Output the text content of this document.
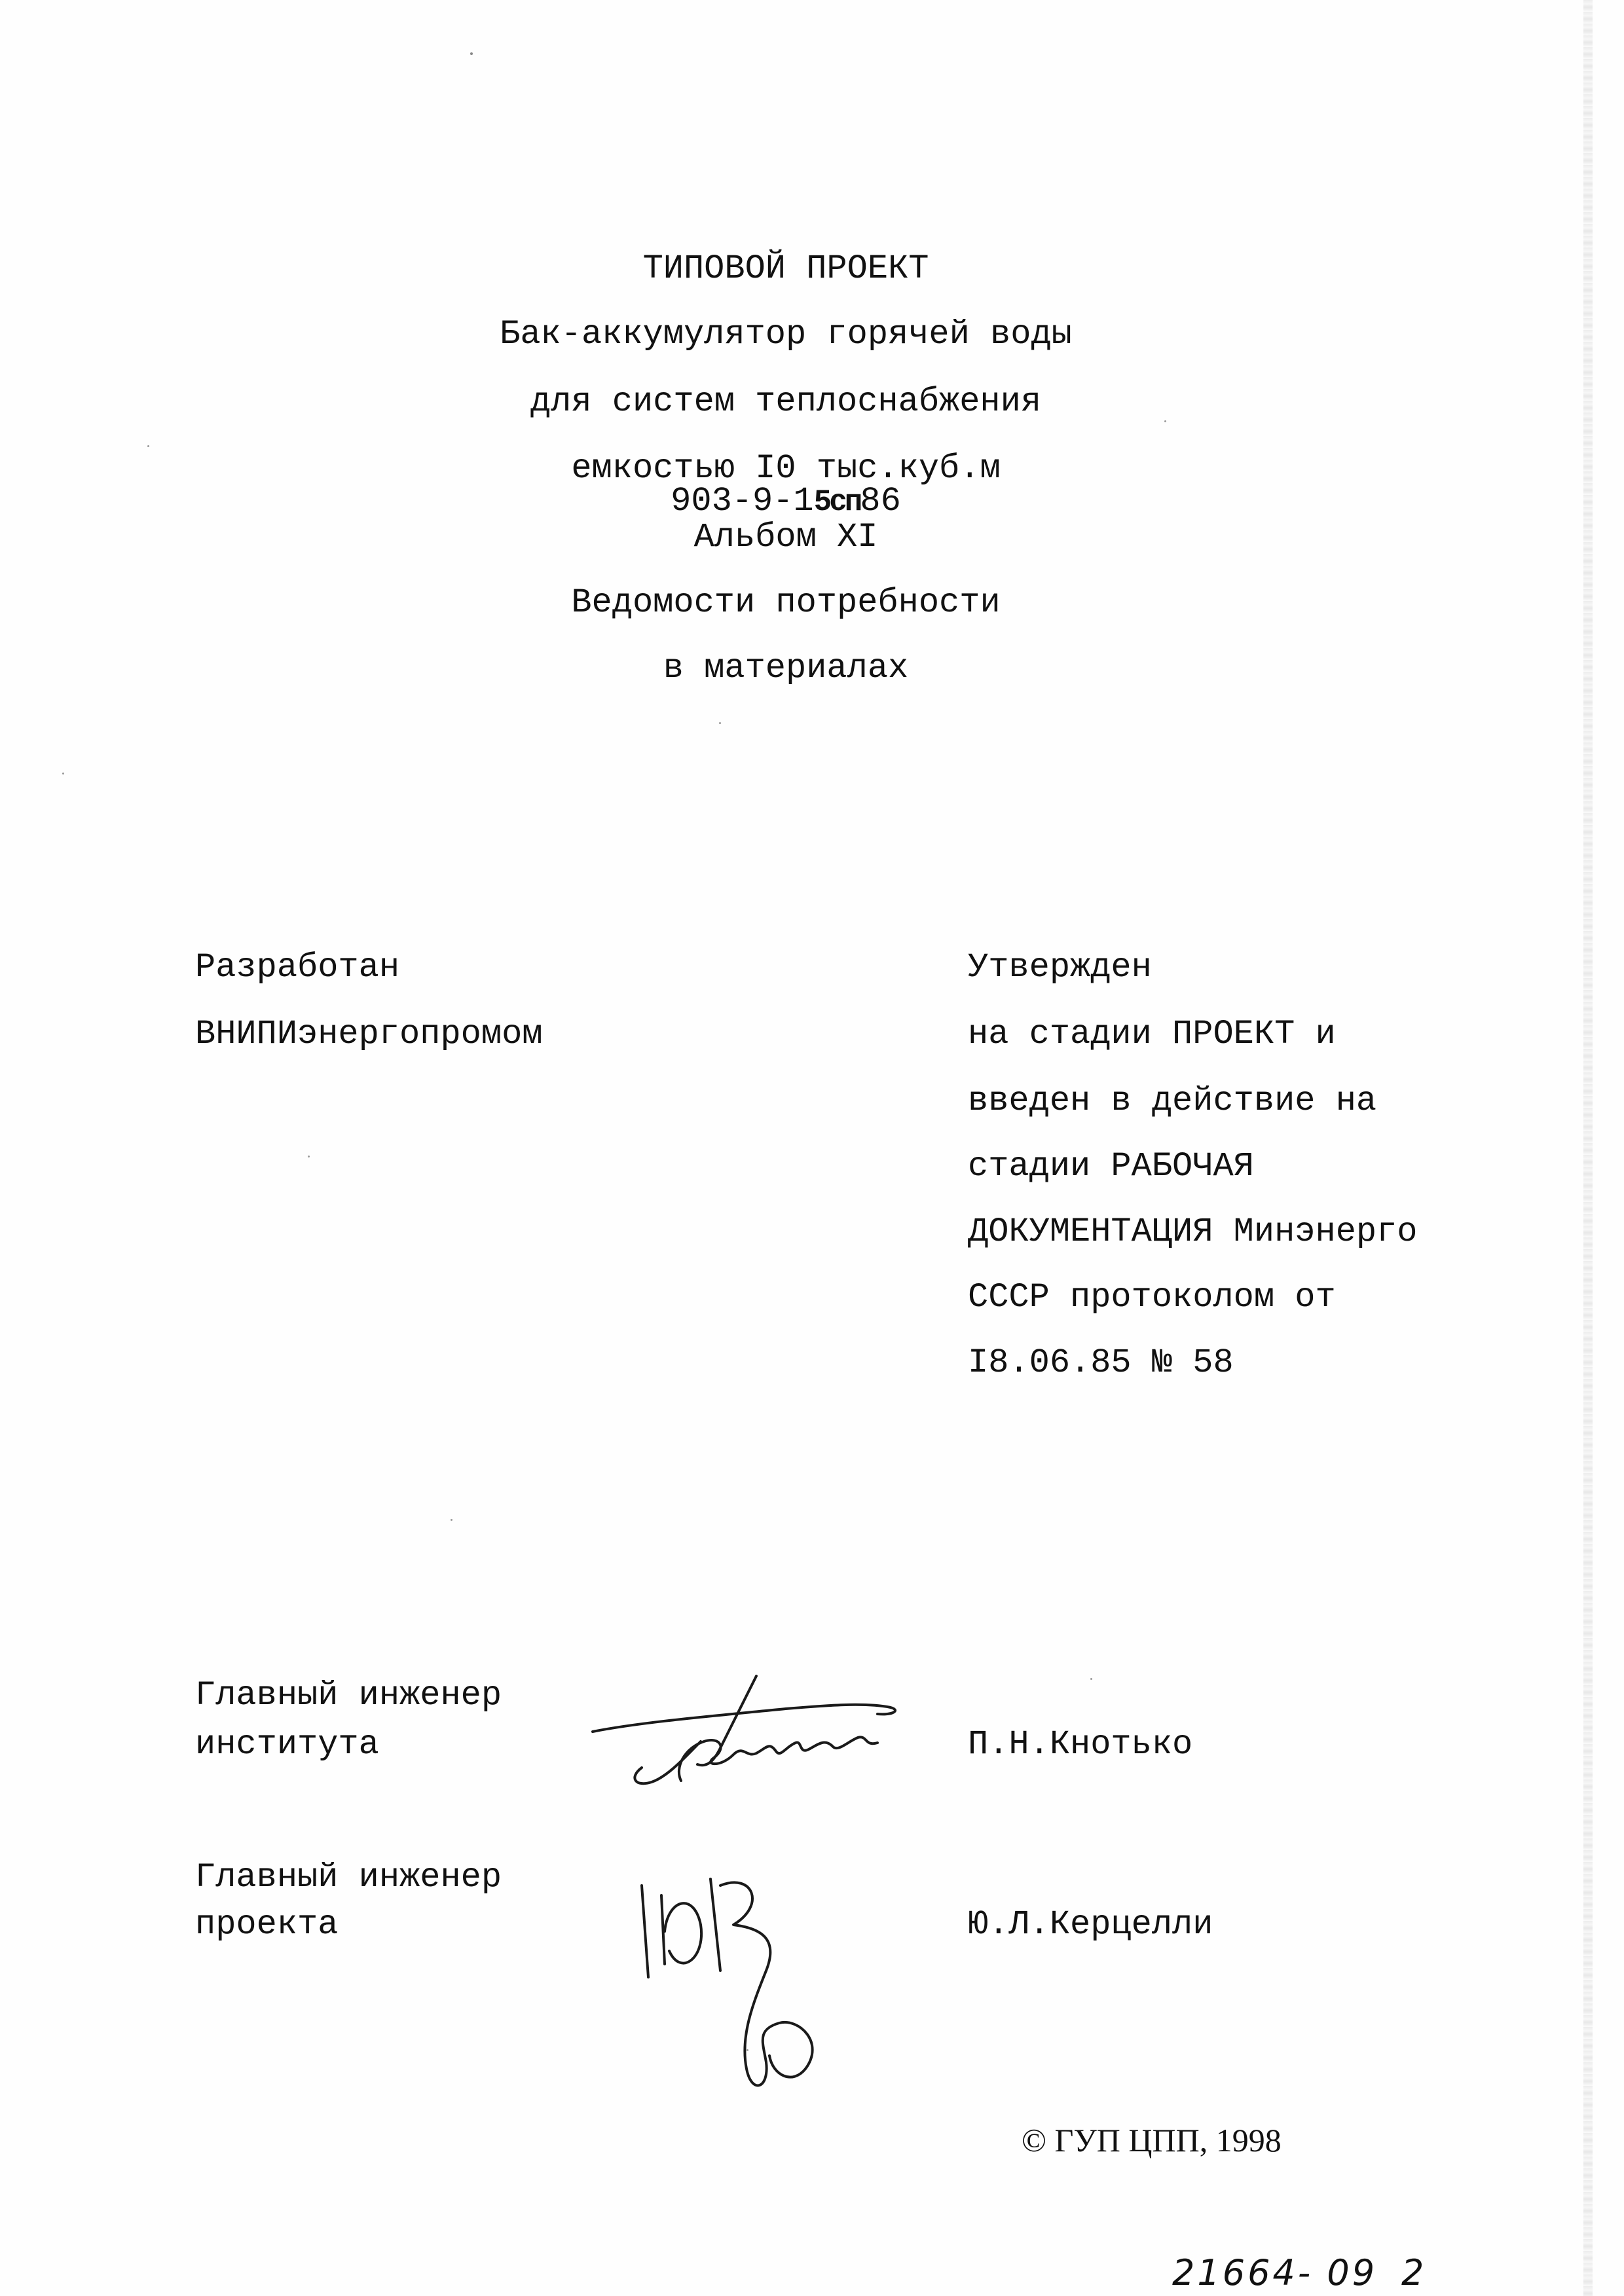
ТИПОВОЙ ПРОЕКТ
Бак-аккумулятор горячей воды
для систем теплоснабжения
емкостью I0 тыс.куб.м
903-9-15сп86
Альбом XI
Ведомости потребности
в материалах
Разработан
ВНИПИэнергопромом
Утвержден
на стадии ПРОЕКТ и
введен в действие на
стадии РАБОЧАЯ
ДОКУМЕНТАЦИЯ Минэнерго
СССР протоколом от
I8.06.85 № 58
Главный инженер
института	П.Н.Кнотько
Главный инженер
проекта	Ю.Л.Керцелли
© ГУП ЦПП, 1998
21664- 09 2
